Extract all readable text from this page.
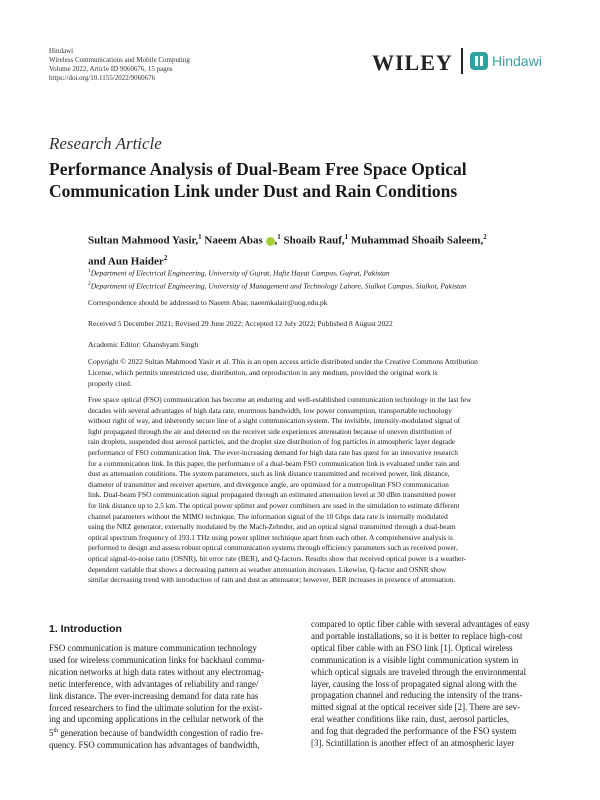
Hindawi
Wireless Communications and Mobile Computing
Volume 2022, Article ID 9060676, 15 pages
https://doi.org/10.1155/2022/9060676
WILEY	Hindawi
Research Article
Performance Analysis of Dual-Beam Free Space Optical
Communication Link under Dust and Rain Conditions
Sultan Mahmood Yasir,$^1$ Naeem Abas ,$^1$ Shoaib Rauf,$^1$ Muhammad Shoaib Saleem,$^2$
and Aun Haider$^2$
$^1$Department of Electrical Engineering, University of Gujrat, Hafiz Hayat Campus, Gujrat, Pakistan
$^2$Department of Electrical Engineering, University of Management and Technology Lahore, Sialkot Campus, Sialkot, Pakistan
Correspondence should be addressed to Naeem Abas; naeemkalair@uog.edu.pk
Received 5 December 2021; Revised 29 June 2022; Accepted 12 July 2022; Published 8 August 2022
Academic Editor: Ghanshyam Singh
Copyright © 2022 Sultan Mahmood Yasir et al. This is an open access article distributed under the Creative Commons Attribution
License, which permits unrestricted use, distribution, and reproduction in any medium, provided the original work is
properly cited.
Free space optical (FSO) communication has become an enduring and well-established communication technology in the last few
decades with several advantages of high data rate, enormous bandwidth, low power consumption, transportable technology
without right of way, and inherently secure line of a sight communication system. The invisible, intensity-modulated signal of
light propagated through the air and detected on the receiver side experiences attenuation because of uneven distribution of
rain droplets, suspended dust aerosol particles, and the droplet size distribution of fog particles in atmospheric layer degrade
performance of FSO communication link. The ever-increasing demand for high data rate has quest for an innovative research
for a communication link. In this paper, the performance of a dual-beam FSO communication link is evaluated under rain and
dust as attenuation conditions. The system parameters, such as link distance transmitted and received power, link distance,
diameter of transmitter and receiver aperture, and divergence angle, are optimized for a metropolitan FSO communication
link. Dual-beam FSO communication signal propagated through an estimated attenuation level at 30 dBm transmitted power
for link distance up to 2.5 km. The optical power splitter and power combiners are used in the simulation to estimate different
channel parameters without the MIMO technique. The information signal of the 10 Gbps data rate is internally modulated
using the NRZ generator, externally modulated by the Mach-Zehnder, and an optical signal transmitted through a dual-beam
optical spectrum frequency of 193.1 THz using power splitter technique apart from each other. A comprehensive analysis is
performed to design and assess robust optical communication systems through efficiency parameters such as received power,
optical signal-to-noise ratio (OSNR), bit error rate (BER), and Q-factors. Results show that received optical power is a weather-
dependent variable that shows a decreasing pattern as weather attenuation increases. Likewise, Q-factor and OSNR show
similar decreasing trend with introduction of rain and dust as attenuator; however, BER increases in presence of attenuation.
1. Introduction
FSO communication is mature communication technology
used for wireless communication links for backhaul commu-
nication networks at high data rates without any electromag-
netic interference, with advantages of reliability and range/
link distance. The ever-increasing demand for data rate has
forced researchers to find the ultimate solution for the exist-
ing and upcoming applications in the cellular network of the
5th generation because of bandwidth congestion of radio fre-
quency. FSO communication has advantages of bandwidth,
compared to optic fiber cable with several advantages of easy
and portable installations, so it is better to replace high-cost
optical fiber cable with an FSO link [1]. Optical wireless
communication is a visible light communication system in
which optical signals are traveled through the environmental
layer, causing the loss of propagated signal along with the
propagation channel and reducing the intensity of the trans-
mitted signal at the optical receiver side [2]. There are sev-
eral weather conditions like rain, dust, aerosol particles,
and fog that degraded the performance of the FSO system
[3]. Scintillation is another effect of an atmospheric layer
